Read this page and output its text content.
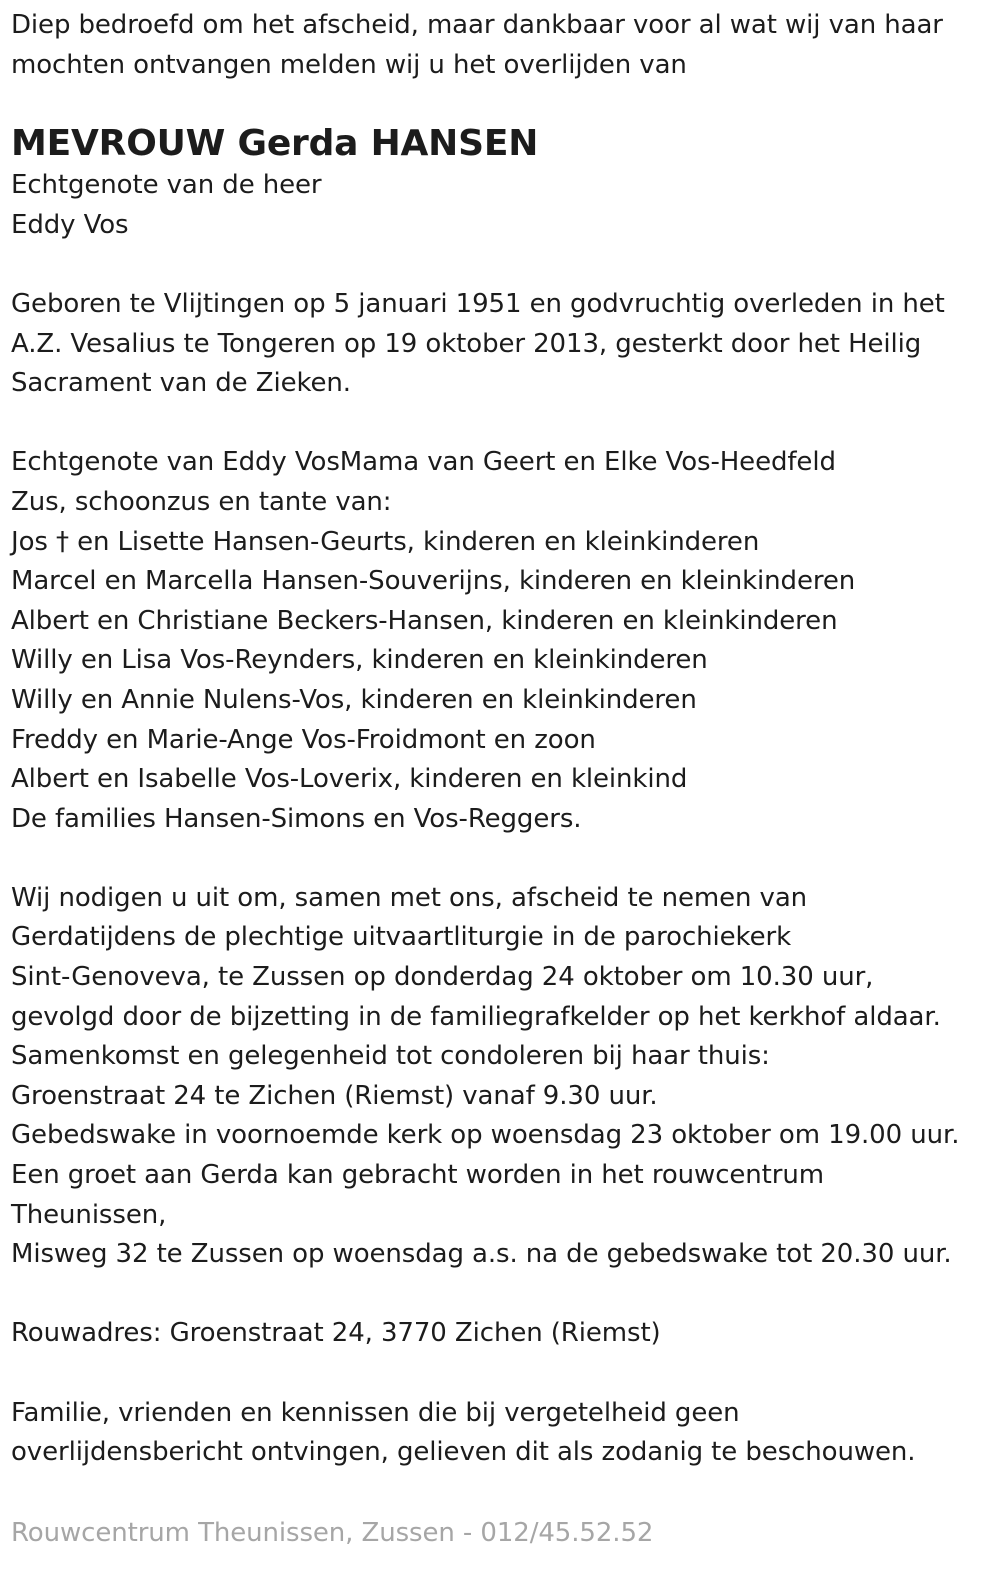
Diep bedroefd om het afscheid, maar dankbaar voor al wat wij van haar
mochten ontvangen melden wij u het overlijden van

MEVROUW Gerda HANSEN

Echtgenote van de heer
Eddy Vos

Geboren te Vlijtingen op 5 januari 1951 en godvruchtig overleden in het
A.Z. Vesalius te Tongeren op 19 oktober 2013, gesterkt door het Heilig
Sacrament van de Zieken.

Echtgenote van Eddy VosMama van Geert en Elke Vos-Heedfeld
Zus, schoonzus en tante van:
Jos † en Lisette Hansen-Geurts, kinderen en kleinkinderen
Marcel en Marcella Hansen-Souverijns, kinderen en kleinkinderen
Albert en Christiane Beckers-Hansen, kinderen en kleinkinderen
Willy en Lisa Vos-Reynders, kinderen en kleinkinderen
Willy en Annie Nulens-Vos, kinderen en kleinkinderen
Freddy en Marie-Ange Vos-Froidmont en zoon
Albert en Isabelle Vos-Loverix, kinderen en kleinkind
De families Hansen-Simons en Vos-Reggers.

Wij nodigen u uit om, samen met ons, afscheid te nemen van
Gerdatijdens de plechtige uitvaartliturgie in de parochiekerk
Sint-Genoveva, te Zussen op donderdag 24 oktober om 10.30 uur,
gevolgd door de bijzetting in de familiegrafkelder op het kerkhof aldaar.
Samenkomst en gelegenheid tot condoleren bij haar thuis:
Groenstraat 24 te Zichen (Riemst) vanaf 9.30 uur.
Gebedswake in voornoemde kerk op woensdag 23 oktober om 19.00 uur.
Een groet aan Gerda kan gebracht worden in het rouwcentrum
Theunissen,
Misweg 32 te Zussen op woensdag a.s. na de gebedswake tot 20.30 uur.

Rouwadres: Groenstraat 24, 3770 Zichen (Riemst)

Familie, vrienden en kennissen die bij vergetelheid geen
overlijdensbericht ontvingen, gelieven dit als zodanig te beschouwen.

Rouwcentrum Theunissen, Zussen - 012/45.52.52
